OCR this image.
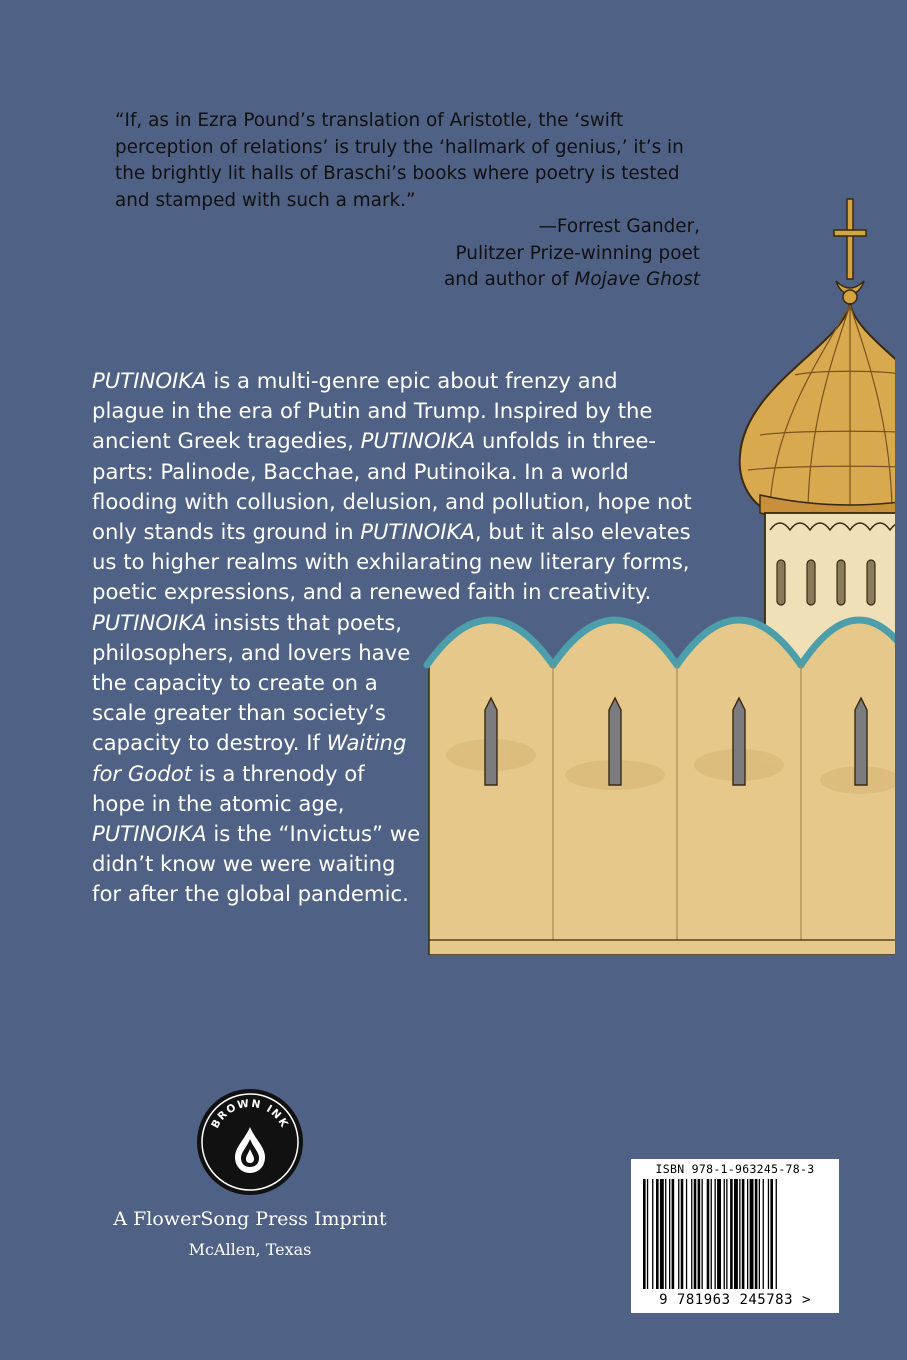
“If, as in Ezra Pound’s translation of Aristotle, the ‘swift perception of relations’ is truly the ‘hallmark of genius,’ it’s in the brightly lit halls of Braschi’s books where poetry is tested and stamped with such a mark.”

—Forrest Gander,
Pulitzer Prize-winning poet
and author of Mojave Ghost

PUTINOIKA is a multi-genre epic about frenzy and plague in the era of Putin and Trump. Inspired by the ancient Greek tragedies, PUTINOIKA unfolds in three-parts: Palinode, Bacchae, and Putinoika. In a world flooding with collusion, delusion, and pollution, hope not only stands its ground in PUTINOIKA, but it also elevates us to higher realms with exhilarating new literary forms, poetic expressions, and a renewed faith in creativity.

PUTINOIKA insists that poets, philosophers, and lovers have the capacity to create on a scale greater than society’s capacity to destroy. If Waiting for Godot is a threnody of hope in the atomic age, PUTINOIKA is the “Invictus” we didn’t know we were waiting for after the global pandemic.

BROWN INK
A FlowerSong Press Imprint
McAllen, Texas
ISBN 978-1-963245-78-3
9 781963 245783 >
